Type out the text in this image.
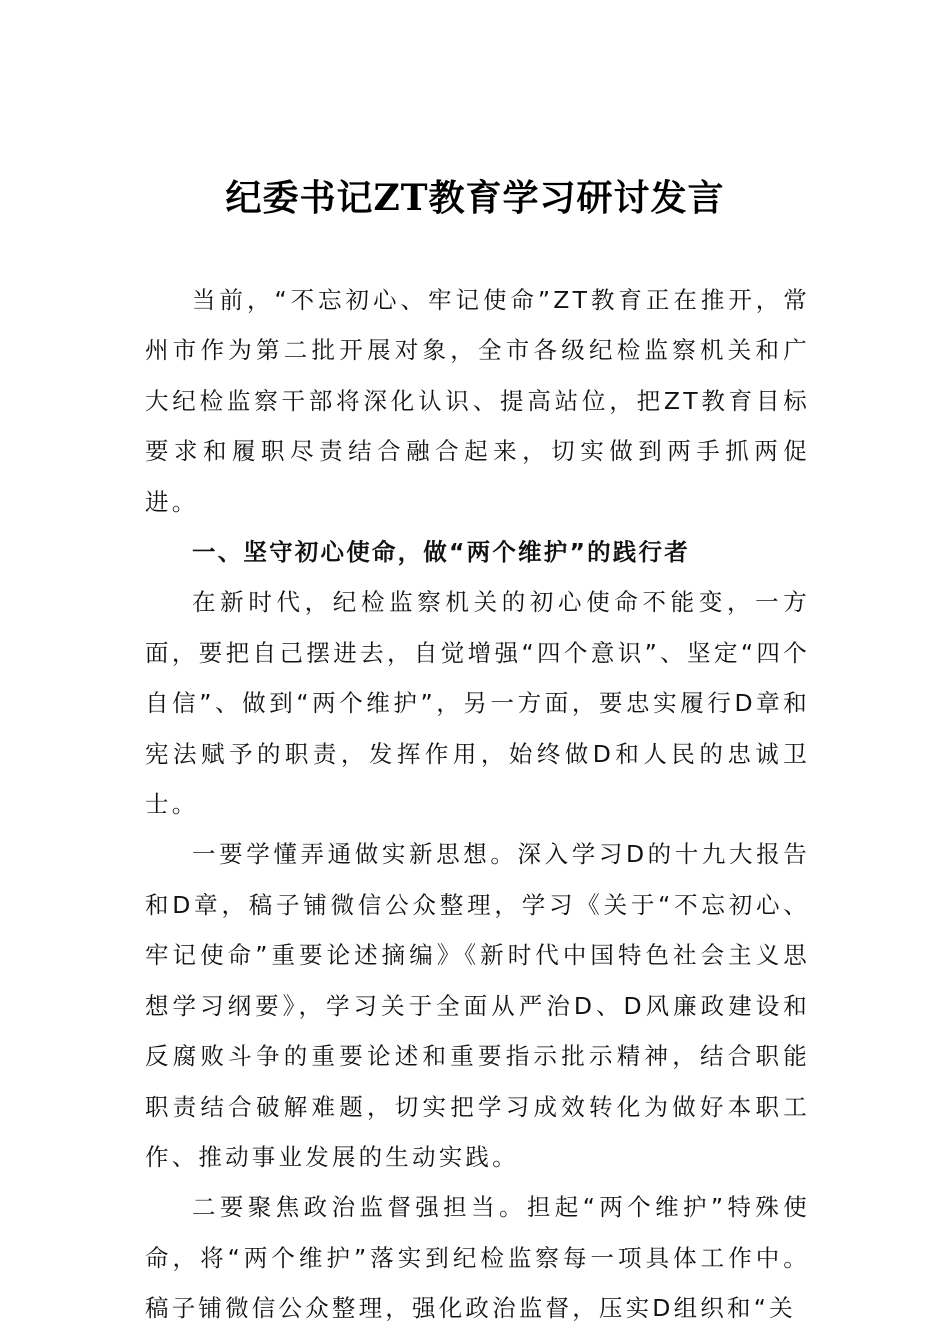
纪委书记ZT教育学习研讨发言

当前，“不忘初心、牢记使命”ZT教育正在推开，常州市作为第二批开展对象，全市各级纪检监察机关和广大纪检监察干部将深化认识、提高站位，把ZT教育目标要求和履职尽责结合融合起来，切实做到两手抓两促进。

一、坚守初心使命，做“两个维护”的践行者

在新时代，纪检监察机关的初心使命不能变，一方面，要把自己摆进去，自觉增强“四个意识”、坚定“四个自信”、做到“两个维护”，另一方面，要忠实履行D章和宪法赋予的职责，发挥作用，始终做D和人民的忠诚卫士。

一要学懂弄通做实新思想。深入学习D的十九大报告和D章，稿子铺微信公众整理，学习《关于“不忘初心、牢记使命”重要论述摘编》《新时代中国特色社会主义思想学习纲要》，学习关于全面从严治D、D风廉政建设和反腐败斗争的重要论述和重要指示批示精神，结合职能职责结合破解难题，切实把学习成效转化为做好本职工作、推动事业发展的生动实践。

二要聚焦政治监督强担当。担起“两个维护”特殊使命，将“两个维护”落实到纪检监察每一项具体工作中。稿子铺微信公众整理，强化政治监督，压实D组织和“关
